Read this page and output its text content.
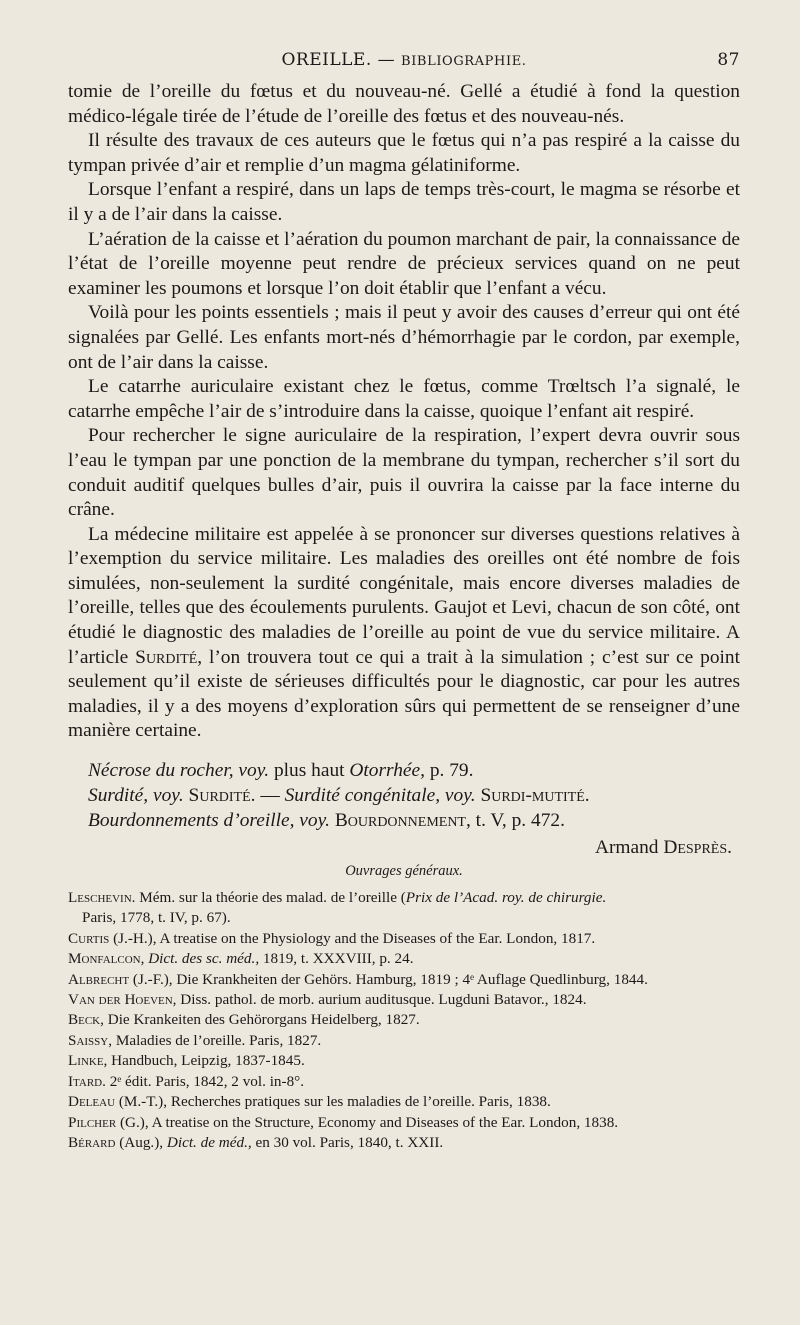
OREILLE. — BIBLIOGRAPHIE.	87

tomie de l’oreille du fœtus et du nouveau-né. Gellé a étudié à fond la question médico-légale tirée de l’étude de l’oreille des fœtus et des nouveau-nés.

Il résulte des travaux de ces auteurs que le fœtus qui n’a pas respiré a la caisse du tympan privée d’air et remplie d’un magma gélatiniforme.

Lorsque l’enfant a respiré, dans un laps de temps très-court, le magma se résorbe et il y a de l’air dans la caisse.

L’aération de la caisse et l’aération du poumon marchant de pair, la connaissance de l’état de l’oreille moyenne peut rendre de précieux services quand on ne peut examiner les poumons et lorsque l’on doit établir que l’enfant a vécu.

Voilà pour les points essentiels ; mais il peut y avoir des causes d’erreur qui ont été signalées par Gellé. Les enfants mort-nés d’hémorrhagie par le cordon, par exemple, ont de l’air dans la caisse.

Le catarrhe auriculaire existant chez le fœtus, comme Trœltsch l’a signalé, le catarrhe empêche l’air de s’introduire dans la caisse, quoique l’enfant ait respiré.

Pour rechercher le signe auriculaire de la respiration, l’expert devra ouvrir sous l’eau le tympan par une ponction de la membrane du tympan, rechercher s’il sort du conduit auditif quelques bulles d’air, puis il ouvrira la caisse par la face interne du crâne.

La médecine militaire est appelée à se prononcer sur diverses questions relatives à l’exemption du service militaire. Les maladies des oreilles ont été nombre de fois simulées, non-seulement la surdité congénitale, mais encore diverses maladies de l’oreille, telles que des écoulements purulents. Gaujot et Levi, chacun de son côté, ont étudié le diagnostic des maladies de l’oreille au point de vue du service militaire. A l’article Surdité, l’on trouvera tout ce qui a trait à la simulation ; c’est sur ce point seulement qu’il existe de sérieuses difficultés pour le diagnostic, car pour les autres maladies, il y a des moyens d’exploration sûrs qui permettent de se renseigner d’une manière certaine.

Nécrose du rocher, voy. plus haut Otorrhée, p. 79.

Surdité, voy. Surdité. — Surdité congénitale, voy. Surdi-mutité.

Bourdonnements d’oreille, voy. Bourdonnement, t. V, p. 472.

Armand Desprès.
Ouvrages généraux.

Leschevin. Mém. sur la théorie des malad. de l’oreille (Prix de l’Acad. roy. de chirurgie.
Paris, 1778, t. IV, p. 67).

Curtis (J.-H.), A treatise on the Physiology and the Diseases of the Ear. London, 1817.

Monfalcon, Dict. des sc. méd., 1819, t. XXXVIII, p. 24.

Albrecht (J.-F.), Die Krankheiten der Gehörs. Hamburg, 1819 ; 4ᵉ Auflage Quedlinburg, 1844.

Van der Hoeven, Diss. pathol. de morb. aurium auditusque. Lugduni Batavor., 1824.

Beck, Die Krankeiten des Gehörorgans Heidelberg, 1827.

Saissy, Maladies de l’oreille. Paris, 1827.

Linke, Handbuch, Leipzig, 1837-1845.

Itard. 2ᵉ édit. Paris, 1842, 2 vol. in-8°.

Deleau (M.-T.), Recherches pratiques sur les maladies de l’oreille. Paris, 1838.

Pilcher (G.), A treatise on the Structure, Economy and Diseases of the Ear. London, 1838.

Bérard (Aug.), Dict. de méd., en 30 vol. Paris, 1840, t. XXII.
